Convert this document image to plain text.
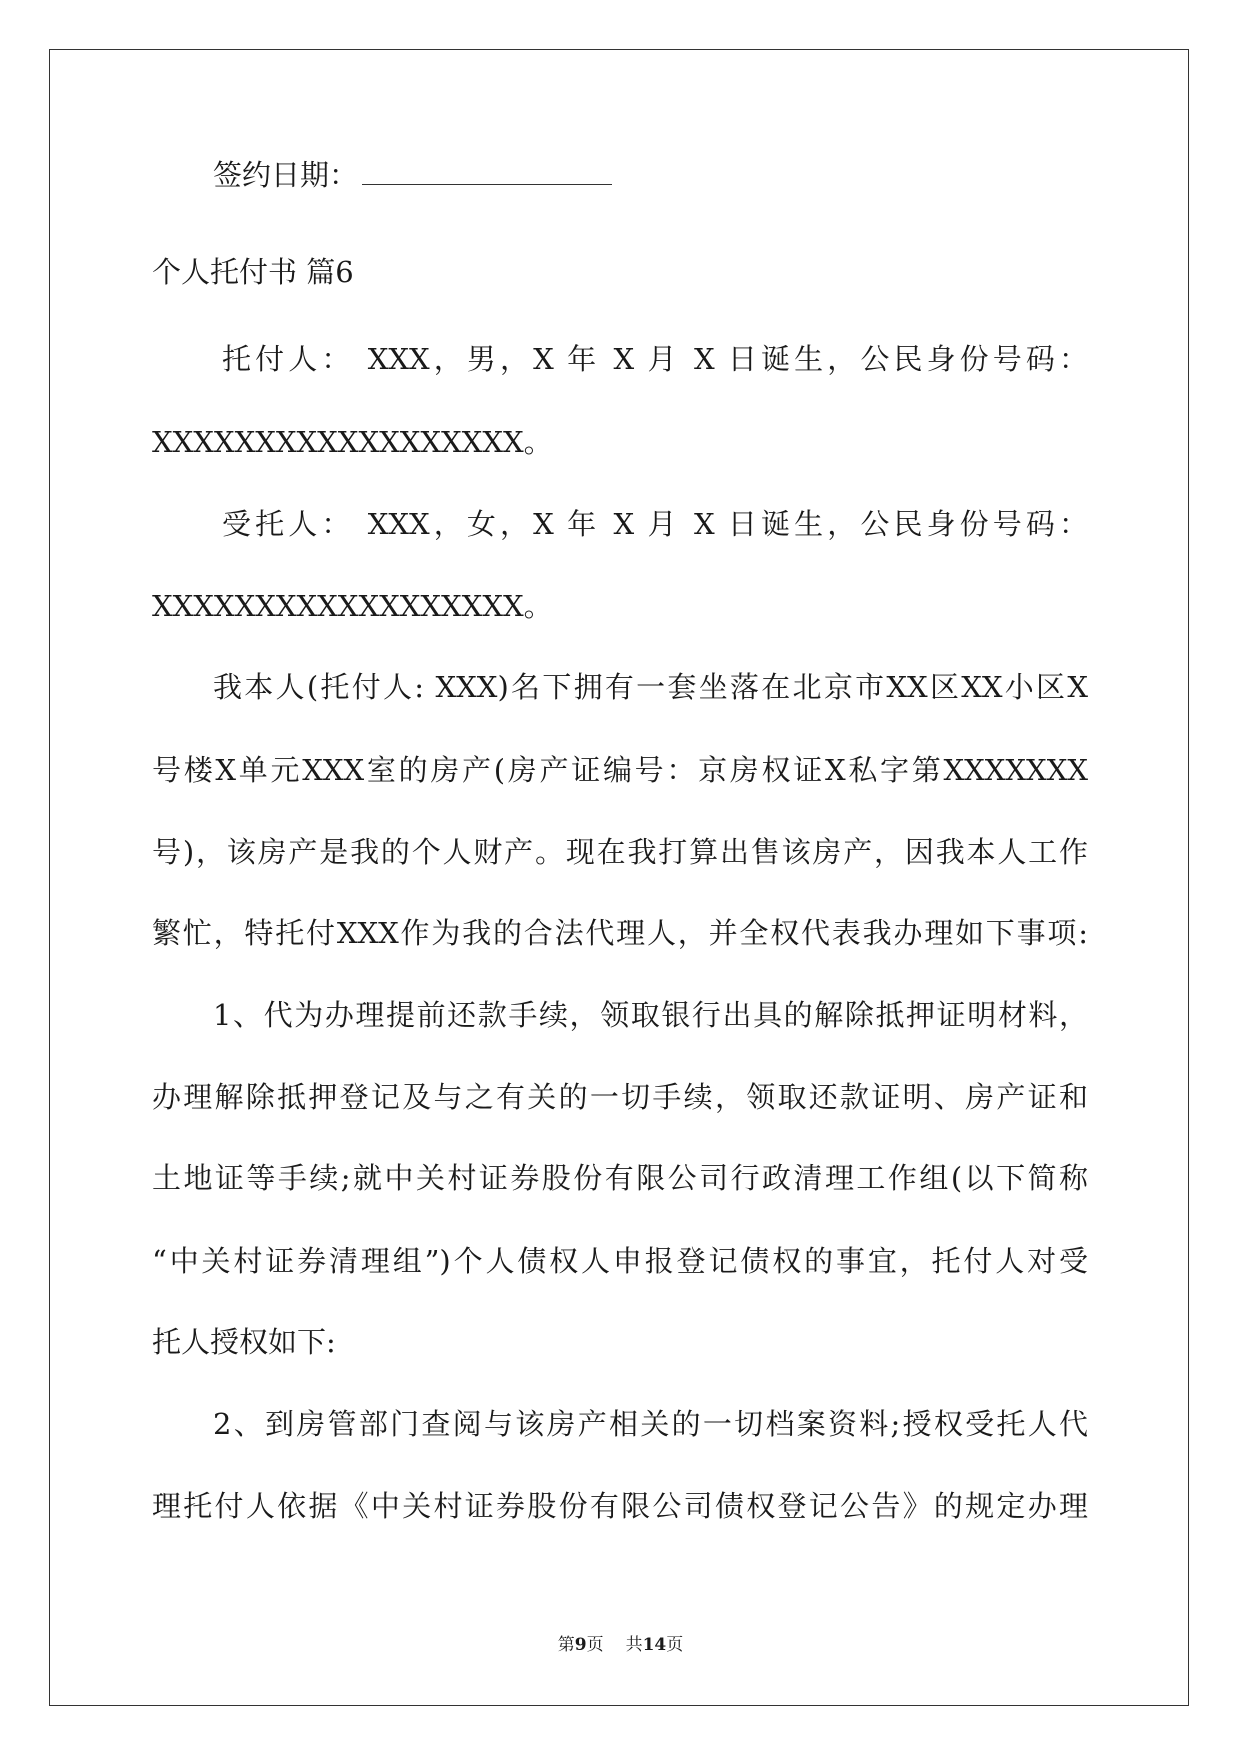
签约日期：
个人托付书 篇6
托付人： XXX，男，X 年 X 月 X 日诞生，公民身份号码：
XXXXXXXXXXXXXXXXXX。
受托人： XXX，女，X 年 X 月 X 日诞生，公民身份号码：
XXXXXXXXXXXXXXXXXX。
我本人(托付人: XXX)名下拥有一套坐落在北京市XX区XX小区X
号楼X单元XXX室的房产(房产证编号：京房权证X私字第XXXXXXX
号)，该房产是我的个人财产。现在我打算出售该房产，因我本人工作
繁忙，特托付XXX作为我的合法代理人，并全权代表我办理如下事项:
1、代为办理提前还款手续，领取银行出具的解除抵押证明材料，
办理解除抵押登记及与之有关的一切手续，领取还款证明、房产证和
土地证等手续;就中关村证券股份有限公司行政清理工作组(以下简称
“中关村证券清理组”)个人债权人申报登记债权的事宜，托付人对受
托人授权如下:
2、到房管部门查阅与该房产相关的一切档案资料;授权受托人代
理托付人依据《中关村证券股份有限公司债权登记公告》的规定办理
第9页 共14页
